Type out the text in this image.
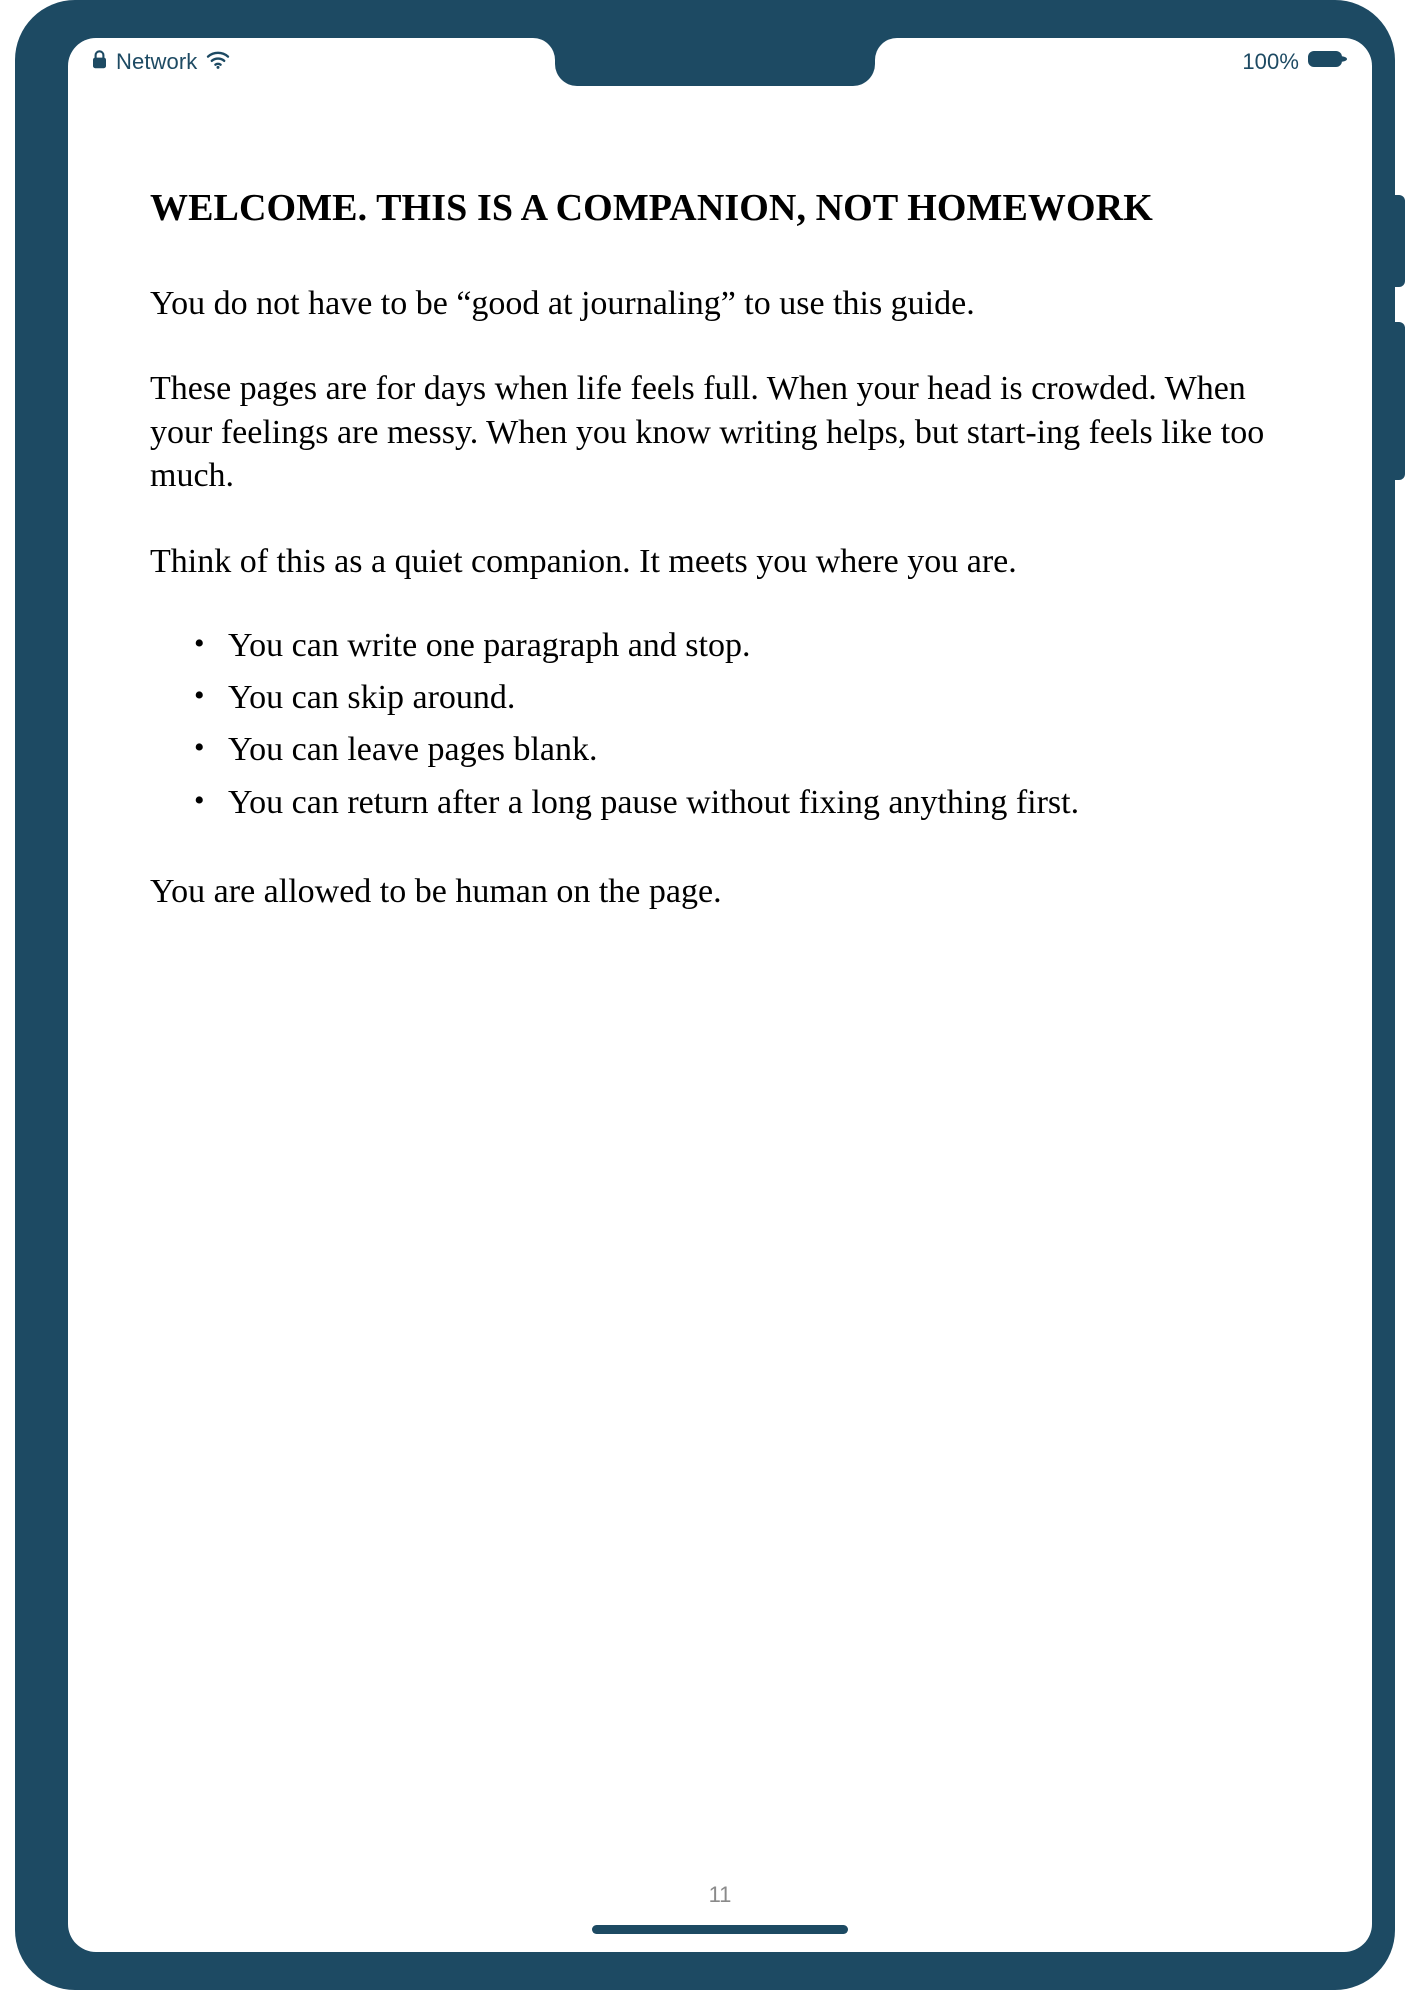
Network	100%
WELCOME. THIS IS A COMPANION, NOT HOMEWORK

You do not have to be “good at journaling” to use this guide.

These pages are for days when life feels full. When your head is crowded. When your feelings are messy. When you know writing helps, but start-ing feels like too much.

Think of this as a quiet companion. It meets you where you are.

• You can write one paragraph and stop.
• You can skip around.
• You can leave pages blank.
• You can return after a long pause without fixing anything first.

You are allowed to be human on the page.

11
